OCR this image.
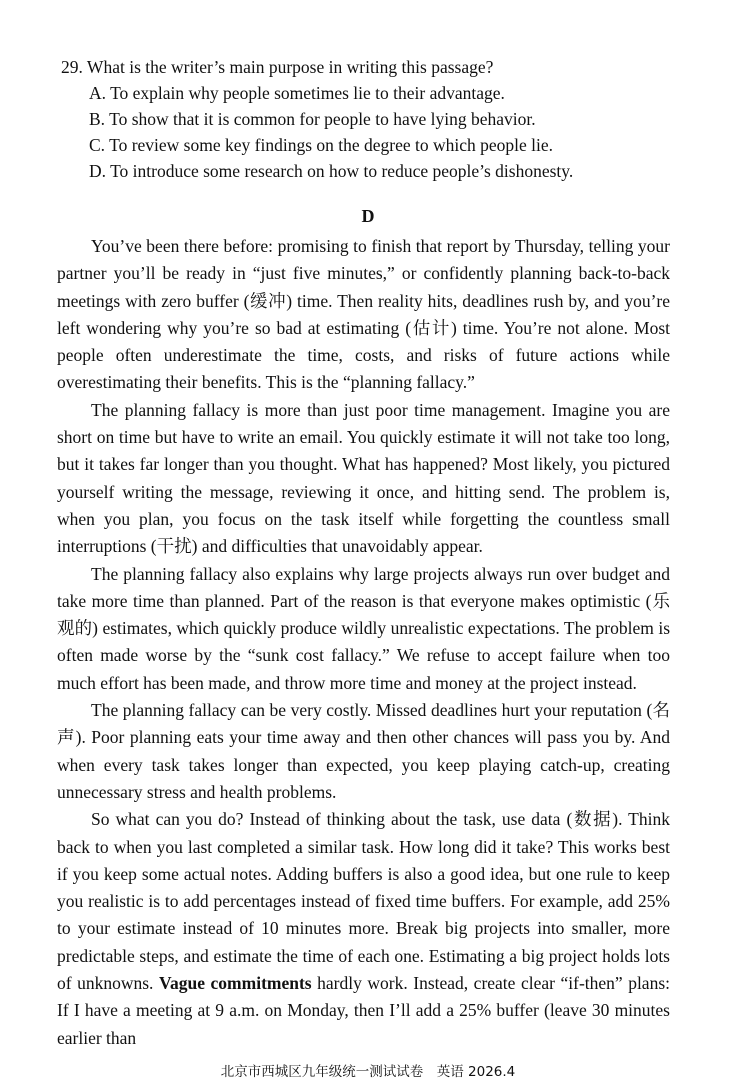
29. What is the writer’s main purpose in writing this passage?
A. To explain why people sometimes lie to their advantage.
B. To show that it is common for people to have lying behavior.
C. To review some key findings on the degree to which people lie.
D. To introduce some research on how to reduce people’s dishonesty.
D

You’ve been there before: promising to finish that report by Thursday, telling your partner you’ll be ready in “just five minutes,” or confidently planning back-to-back meetings with zero buffer (缓冲) time. Then reality hits, deadlines rush by, and you’re left wondering why you’re so bad at estimating (估计) time. You’re not alone. Most people often underestimate the time, costs, and risks of future actions while overestimating their benefits. This is the “planning fallacy.”

The planning fallacy is more than just poor time management. Imagine you are short on time but have to write an email. You quickly estimate it will not take too long, but it takes far longer than you thought. What has happened? Most likely, you pictured yourself writing the message, reviewing it once, and hitting send. The problem is, when you plan, you focus on the task itself while forgetting the countless small interruptions (干扰) and difficulties that unavoidably appear.

The planning fallacy also explains why large projects always run over budget and take more time than planned. Part of the reason is that everyone makes optimistic (乐观的) estimates, which quickly produce wildly unrealistic expectations. The problem is often made worse by the “sunk cost fallacy.” We refuse to accept failure when too much effort has been made, and throw more time and money at the project instead.

The planning fallacy can be very costly. Missed deadlines hurt your reputation (名声). Poor planning eats your time away and then other chances will pass you by. And when every task takes longer than expected, you keep playing catch-up, creating unnecessary stress and health problems.

So what can you do? Instead of thinking about the task, use data (数据). Think back to when you last completed a similar task. How long did it take? This works best if you keep some actual notes. Adding buffers is also a good idea, but one rule to keep you realistic is to add percentages instead of fixed time buffers. For example, add 25% to your estimate instead of 10 minutes more. Break big projects into smaller, more predictable steps, and estimate the time of each one. Estimating a big project holds lots of unknowns. Vague commitments hardly work. Instead, create clear “if-then” plans: If I have a meeting at 9 a.m. on Monday, then I’ll add a 25% buffer (leave 30 minutes earlier than

北京市西城区九年级统一测试试卷　英语 2026.4
